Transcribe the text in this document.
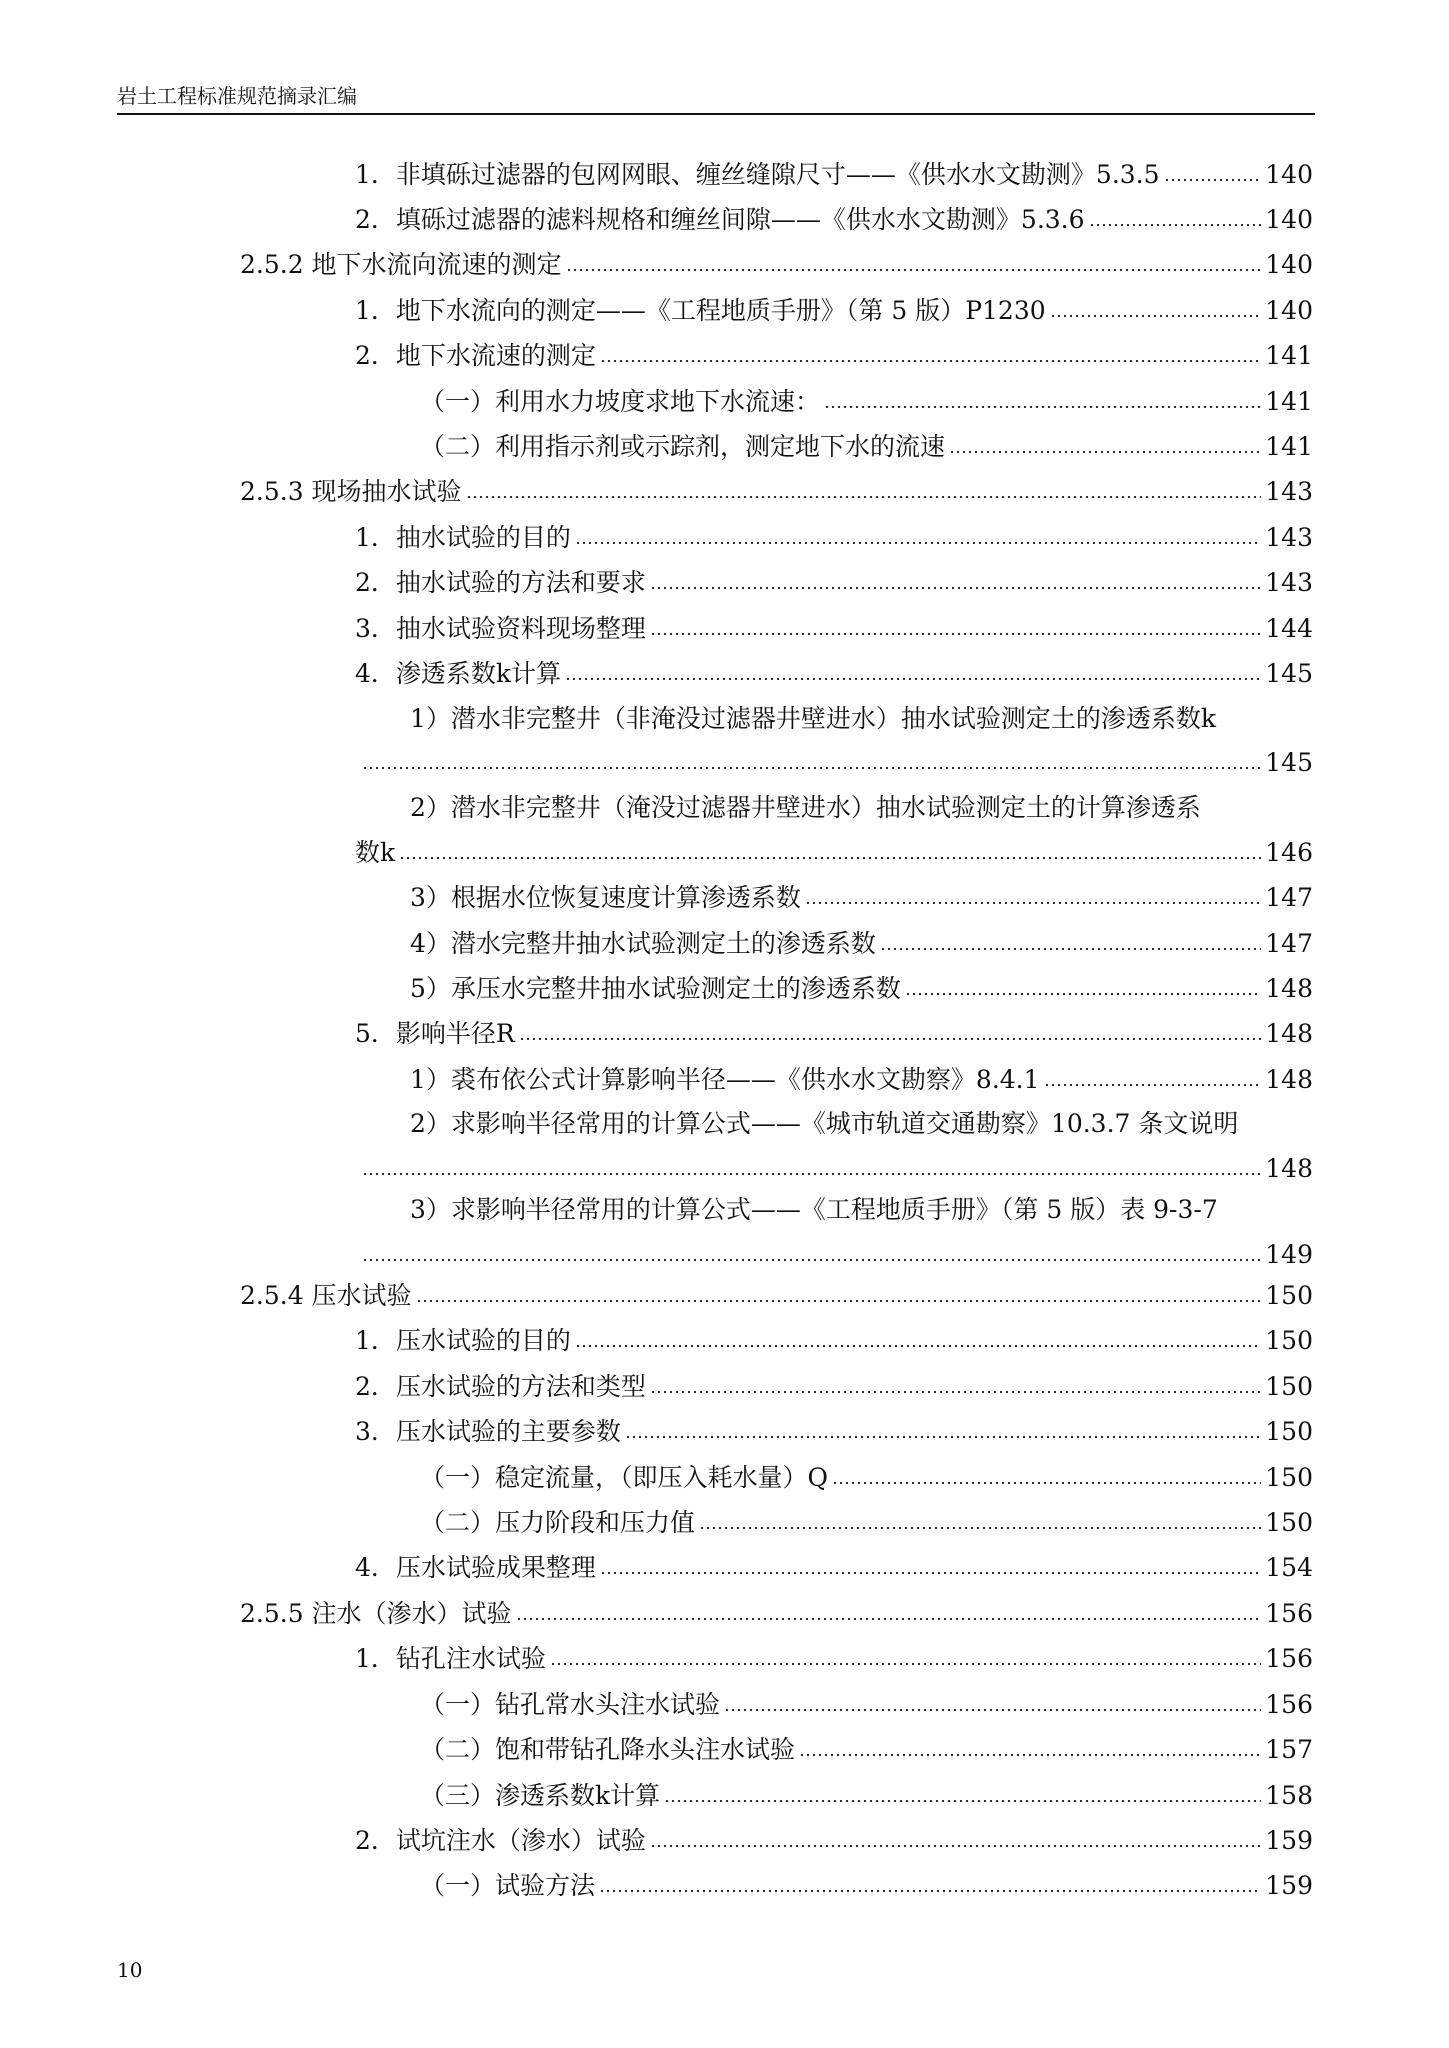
岩土工程标准规范摘录汇编
1．非填砾过滤器的包网网眼、缠丝缝隙尺寸——《供水水文勘测》5.3.5	140
2．填砾过滤器的滤料规格和缠丝间隙——《供水水文勘测》5.3.6	140
2.5.2 地下水流向流速的测定	140
1．地下水流向的测定——《工程地质手册》（第 5 版）P1230	140
2．地下水流速的测定	141
（一）利用水力坡度求地下水流速：	141
（二）利用指示剂或示踪剂，测定地下水的流速	141
2.5.3 现场抽水试验	143
1．抽水试验的目的	143
2．抽水试验的方法和要求	143
3．抽水试验资料现场整理	144
4．渗透系数k计算	145
1）潜水非完整井（非淹没过滤器井壁进水）抽水试验测定土的渗透系数k
145
2）潜水非完整井（淹没过滤器井壁进水）抽水试验测定土的计算渗透系
数k	146
3）根据水位恢复速度计算渗透系数	147
4）潜水完整井抽水试验测定土的渗透系数	147
5）承压水完整井抽水试验测定土的渗透系数	148
5．影响半径R	148
1）裘布依公式计算影响半径——《供水水文勘察》8.4.1	148
2）求影响半径常用的计算公式——《城市轨道交通勘察》10.3.7 条文说明
148
3）求影响半径常用的计算公式——《工程地质手册》（第 5 版）表 9-3-7
149
2.5.4 压水试验	150
1．压水试验的目的	150
2．压水试验的方法和类型	150
3．压水试验的主要参数	150
（一）稳定流量，（即压入耗水量）Q	150
（二）压力阶段和压力值	150
4．压水试验成果整理	154
2.5.5 注水（渗水）试验	156
1．钻孔注水试验	156
（一）钻孔常水头注水试验	156
（二）饱和带钻孔降水头注水试验	157
（三）渗透系数k计算	158
2．试坑注水（渗水）试验	159
（一）试验方法	159
10
